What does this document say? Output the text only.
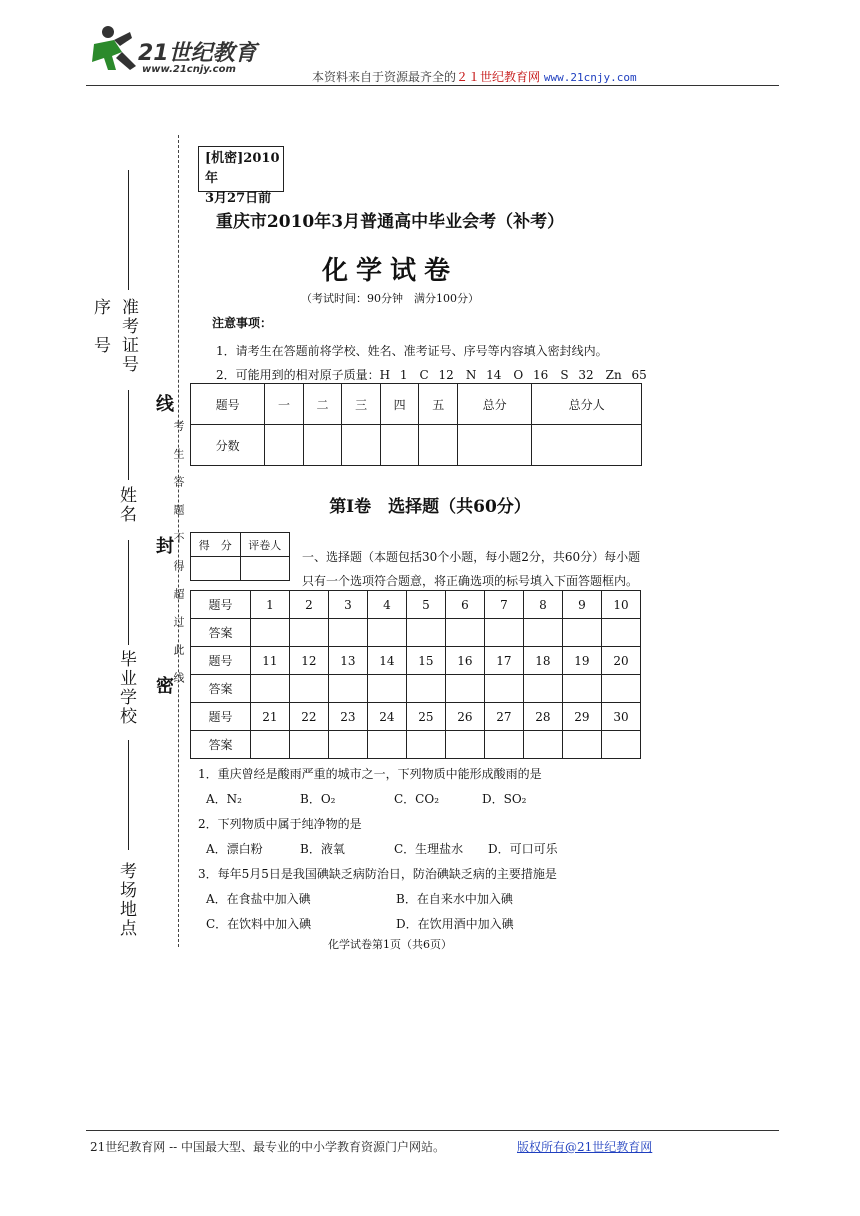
21世纪教育
www.21cnjy.com
本资料来自于资源最齐全的２１世纪教育网 www.21cnjy.com
序　号 准考证号
姓名
毕业学校
考场地点
线
封
密
考生答题不得超过此线
[机密]2010年
3月27日前
重庆市2010年3月普通高中毕业会考（补考）
化学试卷
（考试时间：90分钟　满分100分）
注意事项：
1．请考生在答题前将学校、姓名、准考证号、序号等内容填入密封线内。
2．可能用到的相对原子质量：H 1　C 12　N 14　O 16　S 32　Zn 65
题号	一	二	三	四	五	总分	总分人
分数							
第Ⅰ卷　选择题（共60分）
得　分	评卷人

一、选择题（本题包括30个小题，每小题2分，共60分）每小题
只有一个选项符合题意，将正确选项的标号填入下面答题框内。
题号	1	2	3	4	5	6	7	8	9	10
答案										
题号	11	12	13	14	15	16	17	18	19	20
答案										
题号	21	22	23	24	25	26	27	28	29	30
答案										
1．重庆曾经是酸雨严重的城市之一，下列物质中能形成酸雨的是
A．N₂	B．O₂	C．CO₂	D．SO₂
2．下列物质中属于纯净物的是
A．漂白粉	B．液氧	C．生理盐水 D．可口可乐
3．每年5月5日是我国碘缺乏病防治日，防治碘缺乏病的主要措施是
A．在食盐中加入碘	B．在自来水中加入碘
C．在饮料中加入碘	D．在饮用酒中加入碘
化学试卷第1页（共6页）
21世纪教育网 -- 中国最大型、最专业的中小学教育资源门户网站。	版权所有@21世纪教育网
